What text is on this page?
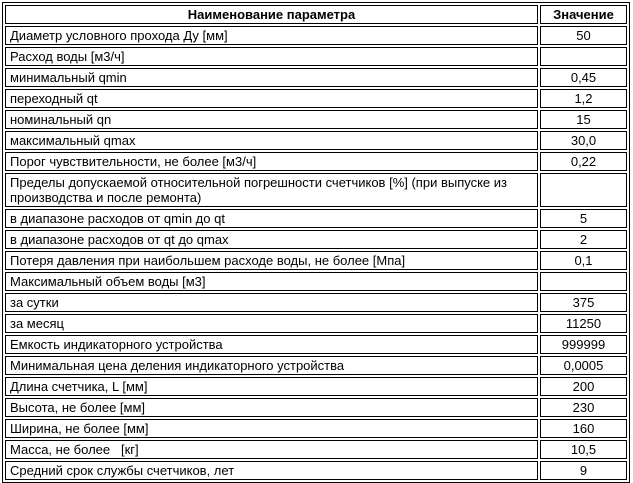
Наименование параметра	Значение
Диаметр условного прохода Ду [мм]	50
Расход воды [м3/ч]	
минимальный qmin	0,45
переходный qt	1,2
номинальный qn	15
максимальный qmax	30,0
Порог чувствительности, не более [м3/ч]	0,22
Пределы допускаемой относительной погрешности счетчиков [%] (при выпуске из производства и после ремонта)	
в диапазоне расходов от qmin до qt	5
в диапазоне расходов от qt до qmax	2
Потеря давления при наибольшем расходе воды, не более [Мпа]	0,1
Максимальный объем воды [м3]	
за сутки	375
за месяц	11250
Емкость индикаторного устройства	999999
Минимальная цена деления индикаторного устройства	0,0005
Длина счетчика, L [мм]	200
Высота, не более [мм]	230
Ширина, не более [мм]	160
Масса, не более   [кг]	10,5
Средний срок службы счетчиков, лет	9
